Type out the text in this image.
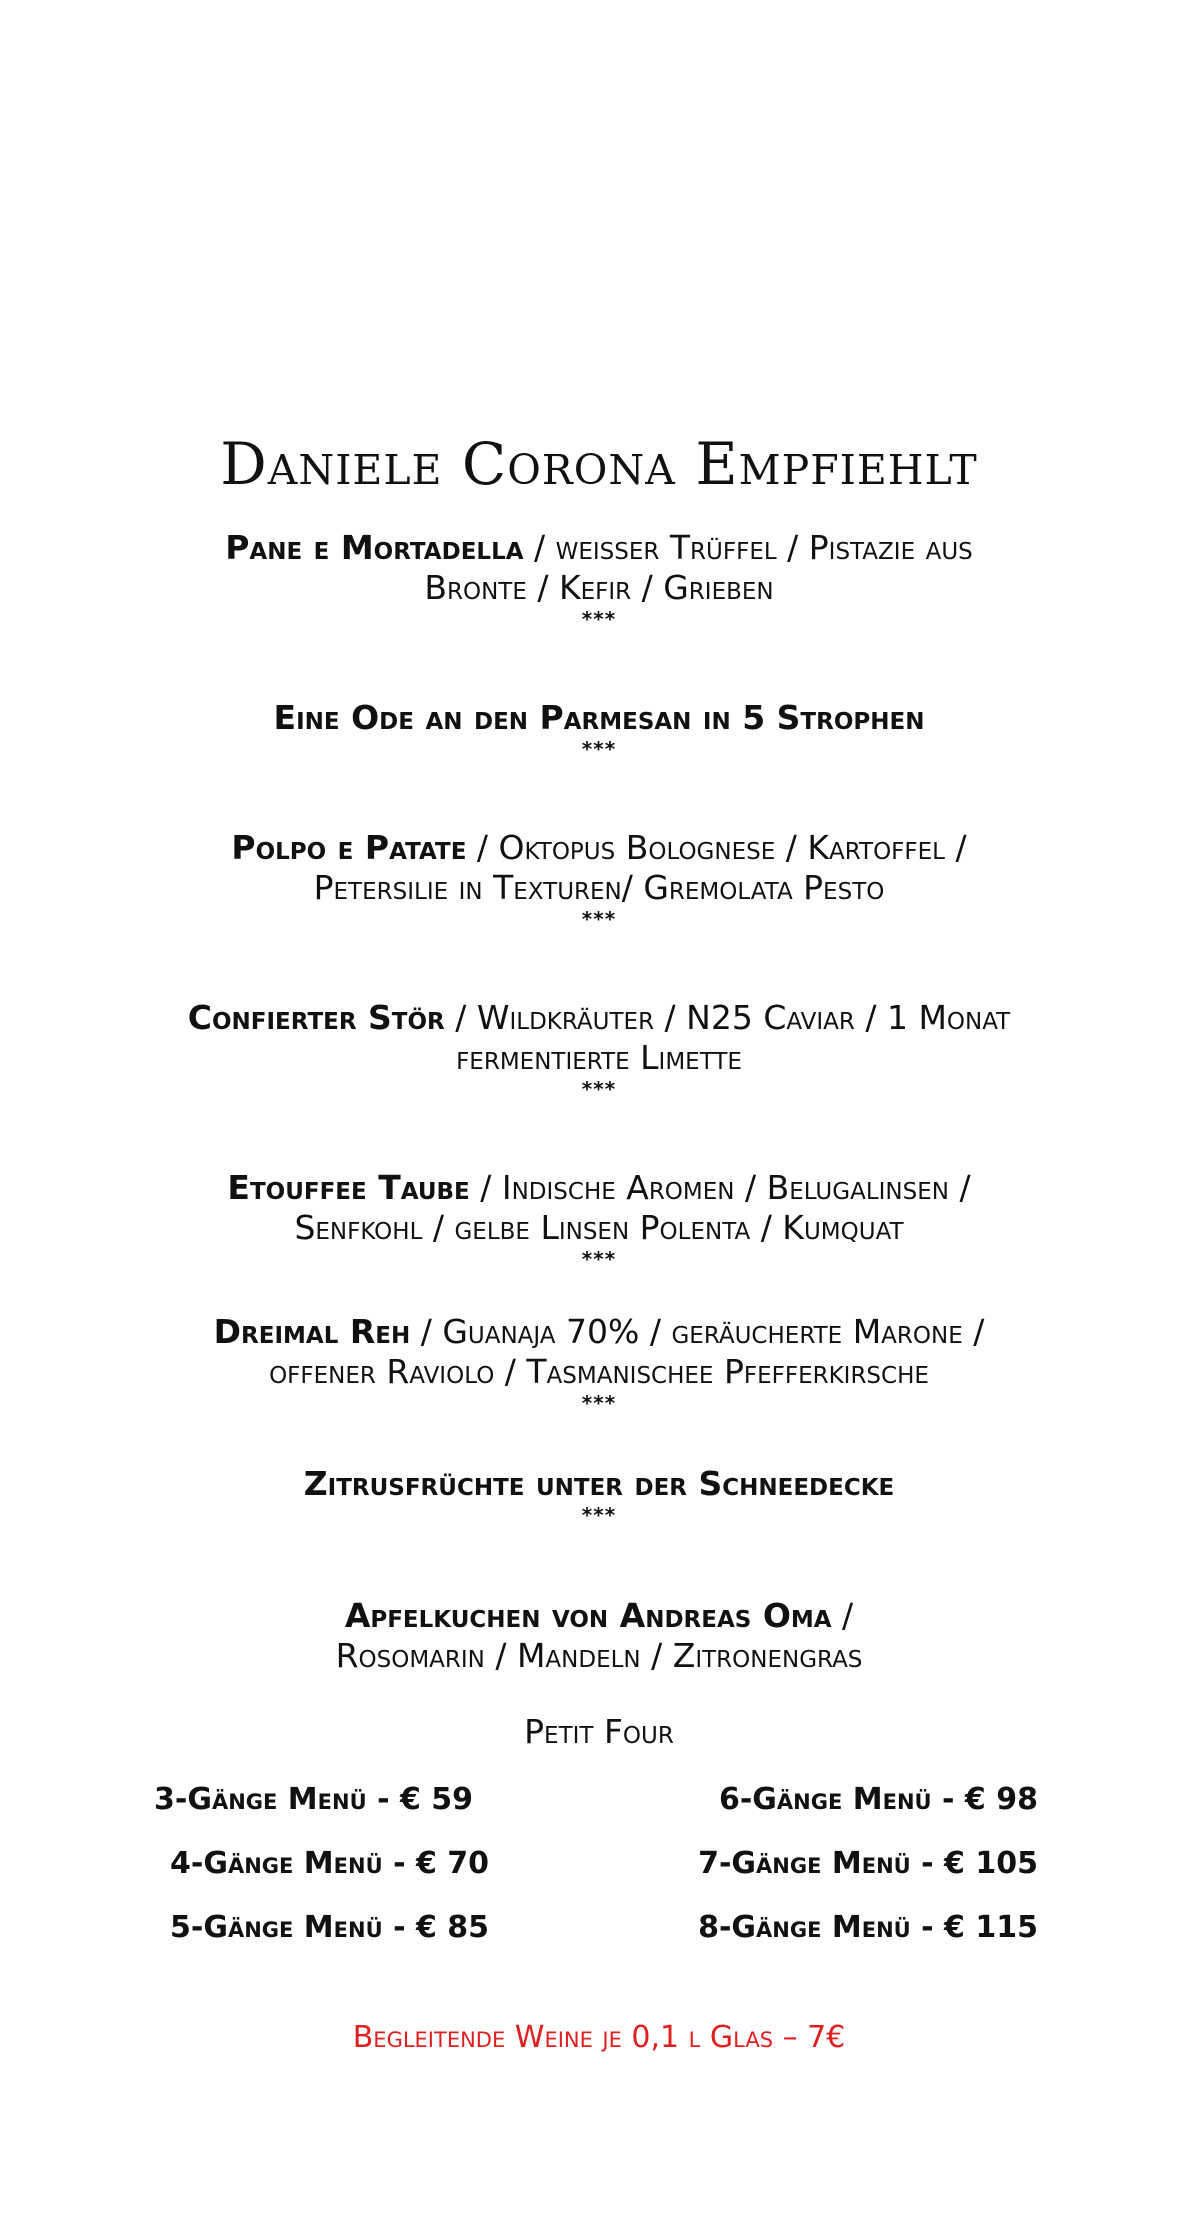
Daniele Corona Empfiehlt
Pane e Mortadella / weisser Trüffel / Pistazie aus
Bronte / Kefir / Grieben
***
Eine Ode an den Parmesan in 5 Strophen
***
Polpo e Patate / Oktopus Bolognese / Kartoffel /
Petersilie in Texturen/ Gremolata Pesto
***
Confierter Stör / Wildkräuter / N25 Caviar / 1 Monat
fermentierte Limette
***
Etouffee Taube / Indische Aromen / Belugalinsen /
Senfkohl / gelbe Linsen Polenta / Kumquat
***
Dreimal Reh / Guanaja 70% / geräucherte Marone /
offener Raviolo / Tasmanischee Pfefferkirsche
***
Zitrusfrüchte unter der Schneedecke
***
Apfelkuchen von Andreas Oma /
Rosomarin / Mandeln / Zitronengras
Petit Four
3-Gänge Menü - € 59
4-Gänge Menü - € 70
5-Gänge Menü - € 85
6-Gänge Menü - € 98
7-Gänge Menü - € 105
8-Gänge Menü - € 115
Begleitende Weine je 0,1 l Glas – 7€
